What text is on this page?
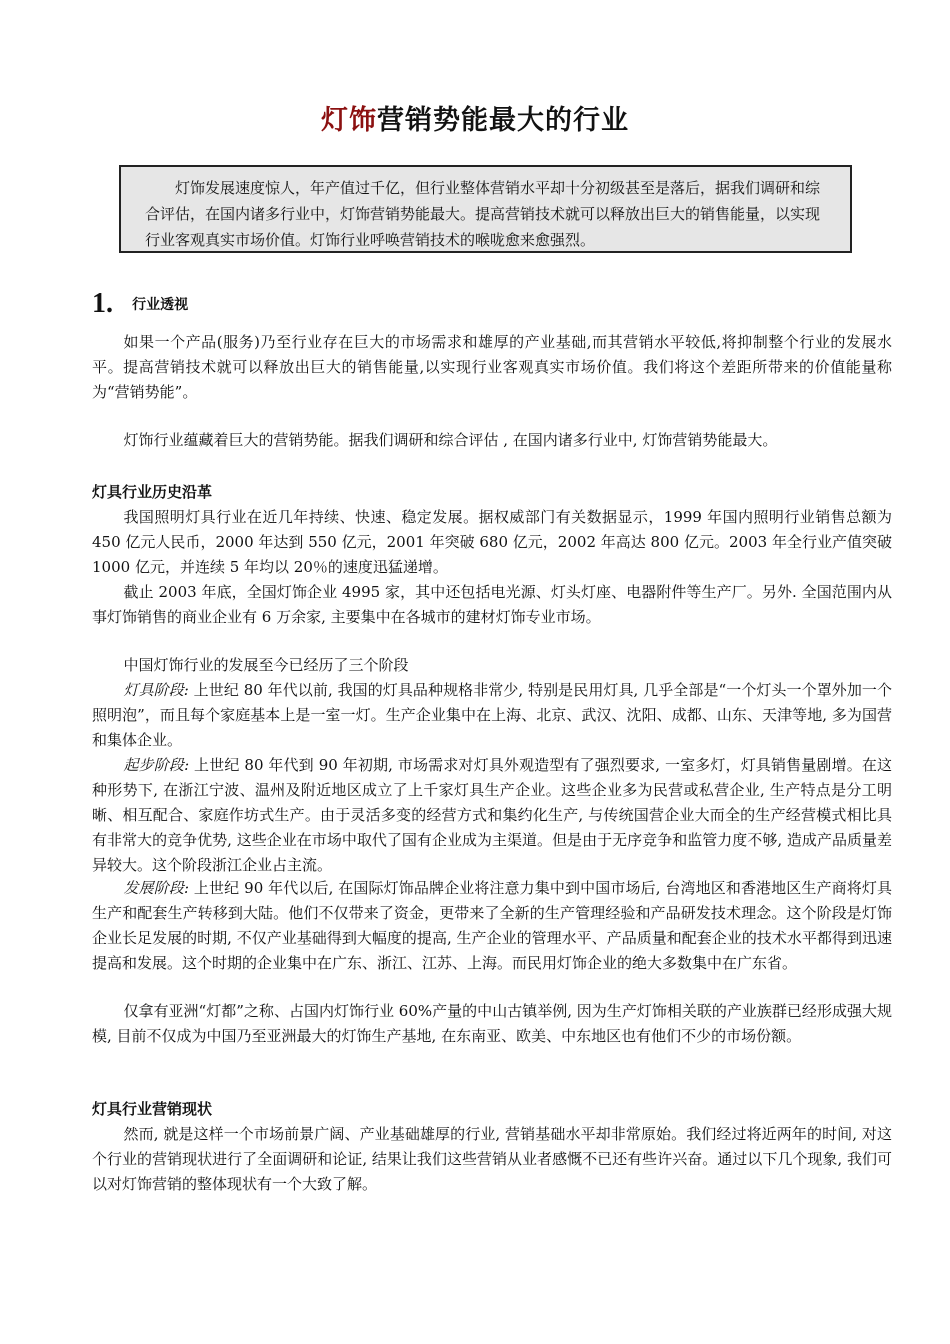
灯饰营销势能最大的行业

灯饰发展速度惊人，年产值过千亿，但行业整体营销水平却十分初级甚至是落后，据我们调研和综合评估，在国内诸多行业中，灯饰营销势能最大。提高营销技术就可以释放出巨大的销售能量，以实现行业客观真实市场价值。灯饰行业呼唤营销技术的喉咙愈来愈强烈。

1. 行业透视

如果一个产品(服务)乃至行业存在巨大的市场需求和雄厚的产业基础,而其营销水平较低,将抑制整个行业的发展水平。提高营销技术就可以释放出巨大的销售能量,以实现行业客观真实市场价值。我们将这个差距所带来的价值能量称为“营销势能”。

灯饰行业蕴藏着巨大的营销势能。据我们调研和综合评估 , 在国内诸多行业中, 灯饰营销势能最大。

灯具行业历史沿革

我国照明灯具行业在近几年持续、快速、稳定发展。据权威部门有关数据显示，1999 年国内照明行业销售总额为 450 亿元人民币，2000 年达到 550 亿元，2001 年突破 680 亿元，2002 年高达 800 亿元。2003 年全行业产值突破 1000 亿元，并连续 5 年均以 20％的速度迅猛递增。

截止 2003 年底，全国灯饰企业 4995 家，其中还包括电光源、灯头灯座、电器附件等生产厂。另外. 全国范围内从事灯饰销售的商业企业有 6 万余家, 主要集中在各城市的建材灯饰专业市场。

中国灯饰行业的发展至今已经历了三个阶段

灯具阶段: 上世纪 80 年代以前, 我国的灯具品种规格非常少, 特别是民用灯具, 几乎全部是“一个灯头一个罩外加一个照明泡”，而且每个家庭基本上是一室一灯。生产企业集中在上海、北京、武汉、沈阳、成都、山东、天津等地, 多为国营和集体企业。

起步阶段: 上世纪 80 年代到 90 年初期, 市场需求对灯具外观造型有了强烈要求, 一室多灯，灯具销售量剧增。在这种形势下, 在浙江宁波、温州及附近地区成立了上千家灯具生产企业。这些企业多为民营或私营企业, 生产特点是分工明晰、相互配合、家庭作坊式生产。由于灵活多变的经营方式和集约化生产, 与传统国营企业大而全的生产经营模式相比具有非常大的竞争优势, 这些企业在市场中取代了国有企业成为主渠道。但是由于无序竞争和监管力度不够, 造成产品质量差异较大。这个阶段浙江企业占主流。

发展阶段: 上世纪 90 年代以后, 在国际灯饰品牌企业将注意力集中到中国市场后, 台湾地区和香港地区生产商将灯具生产和配套生产转移到大陆。他们不仅带来了资金，更带来了全新的生产管理经验和产品研发技术理念。这个阶段是灯饰企业长足发展的时期, 不仅产业基础得到大幅度的提高, 生产企业的管理水平、产品质量和配套企业的技术水平都得到迅速提高和发展。这个时期的企业集中在广东、浙江、江苏、上海。而民用灯饰企业的绝大多数集中在广东省。

仅拿有亚洲“灯都”之称、占国内灯饰行业 60%产量的中山古镇举例, 因为生产灯饰相关联的产业族群已经形成强大规模, 目前不仅成为中国乃至亚洲最大的灯饰生产基地, 在东南亚、欧美、中东地区也有他们不少的市场份额。

灯具行业营销现状

然而, 就是这样一个市场前景广阔、产业基础雄厚的行业, 营销基础水平却非常原始。我们经过将近两年的时间, 对这个行业的营销现状进行了全面调研和论证, 结果让我们这些营销从业者感慨不已还有些许兴奋。通过以下几个现象, 我们可以对灯饰营销的整体现状有一个大致了解。
